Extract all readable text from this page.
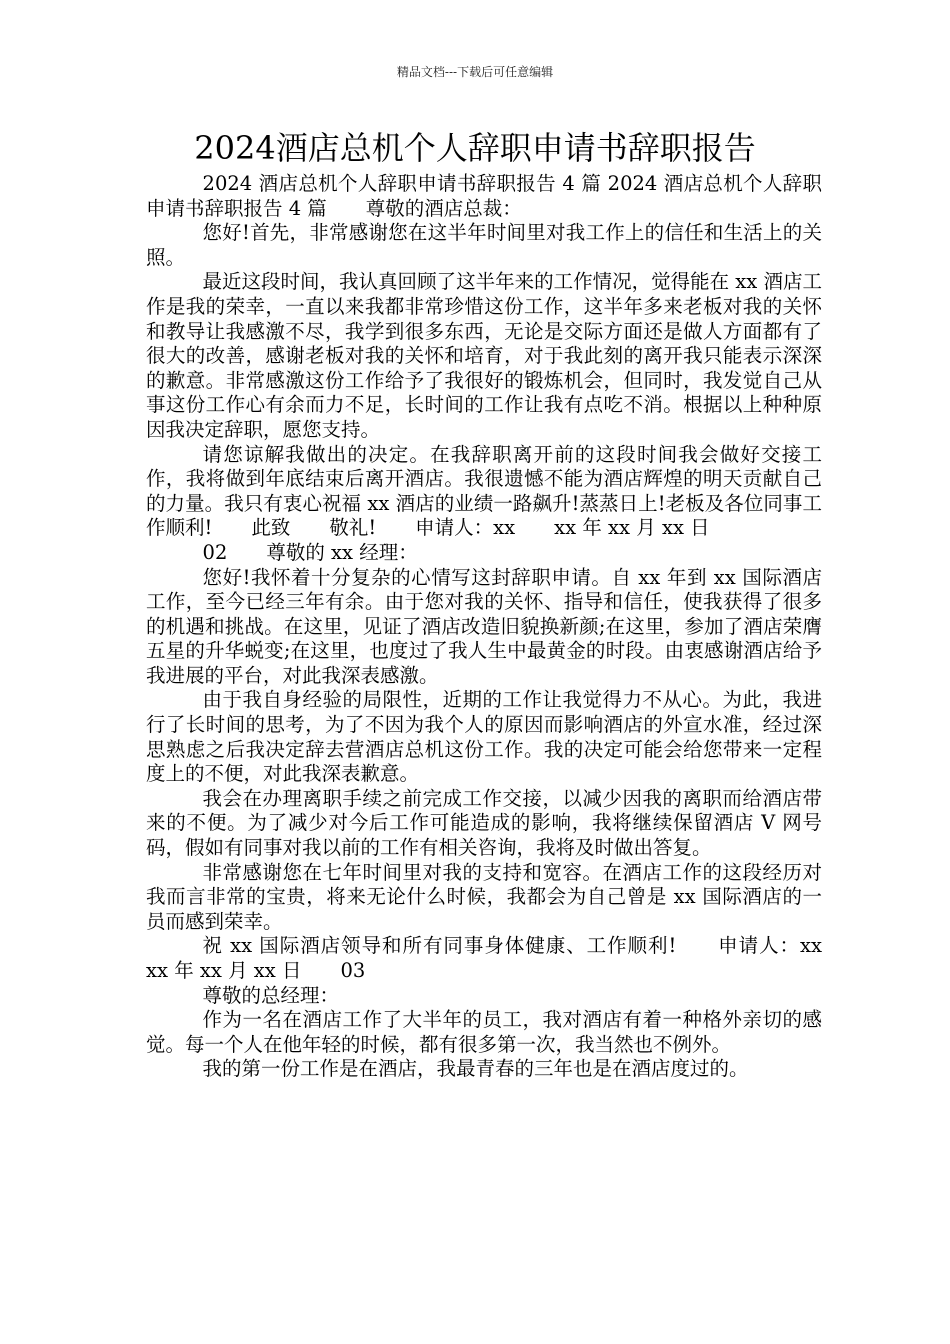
精品文档---下载后可任意编辑
2024酒店总机个人辞职申请书辞职报告

2024 酒店总机个人辞职申请书辞职报告 4 篇 2024 酒店总机个人辞职申请书辞职报告 4 篇　　尊敬的酒店总裁：

您好!首先，非常感谢您在这半年时间里对我工作上的信任和生活上的关照。

最近这段时间，我认真回顾了这半年来的工作情况，觉得能在 xx 酒店工作是我的荣幸，一直以来我都非常珍惜这份工作，这半年多来老板对我的关怀和教导让我感激不尽，我学到很多东西，无论是交际方面还是做人方面都有了很大的改善，感谢老板对我的关怀和培育，对于我此刻的离开我只能表示深深的歉意。非常感激这份工作给予了我很好的锻炼机会，但同时，我发觉自己从事这份工作心有余而力不足，长时间的工作让我有点吃不消。根据以上种种原因我决定辞职，愿您支持。

请您谅解我做出的决定。在我辞职离开前的这段时间我会做好交接工作，我将做到年底结束后离开酒店。我很遗憾不能为酒店辉煌的明天贡献自己的力量。我只有衷心祝福 xx 酒店的业绩一路飙升!蒸蒸日上!老板及各位同事工作顺利!　　此致　　敬礼!　　申请人：xx　　xx 年 xx 月 xx 日

02　　尊敬的 xx 经理：

您好!我怀着十分复杂的心情写这封辞职申请。自 xx 年到 xx 国际酒店工作，至今已经三年有余。由于您对我的关怀、指导和信任，使我获得了很多的机遇和挑战。在这里，见证了酒店改造旧貌换新颜;在这里，参加了酒店荣膺五星的升华蜕变;在这里，也度过了我人生中最黄金的时段。由衷感谢酒店给予我进展的平台，对此我深表感激。

由于我自身经验的局限性，近期的工作让我觉得力不从心。为此，我进行了长时间的思考，为了不因为我个人的原因而影响酒店的外宣水准，经过深思熟虑之后我决定辞去营酒店总机这份工作。我的决定可能会给您带来一定程度上的不便，对此我深表歉意。

我会在办理离职手续之前完成工作交接，以减少因我的离职而给酒店带来的不便。为了减少对今后工作可能造成的影响，我将继续保留酒店 V 网号码，假如有同事对我以前的工作有相关咨询，我将及时做出答复。

非常感谢您在七年时间里对我的支持和宽容。在酒店工作的这段经历对我而言非常的宝贵，将来无论什么时候，我都会为自己曾是 xx 国际酒店的一员而感到荣幸。

祝 xx 国际酒店领导和所有同事身体健康、工作顺利!　　申请人：xx　　xx 年 xx 月 xx 日　　03

尊敬的总经理：

作为一名在酒店工作了大半年的员工，我对酒店有着一种格外亲切的感觉。每一个人在他年轻的时候，都有很多第一次，我当然也不例外。

我的第一份工作是在酒店，我最青春的三年也是在酒店度过的。
